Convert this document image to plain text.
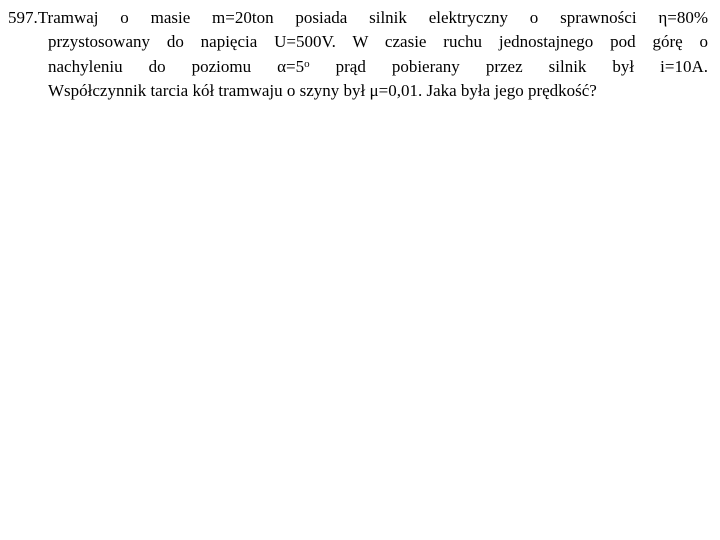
597.Tramwaj o masie m=20ton posiada silnik elektryczny o sprawności η=80%
przystosowany do napięcia U=500V. W czasie ruchu jednostajnego pod górę o
nachyleniu do poziomu $\alpha=5^o$ prąd pobierany przez silnik był i=10A.
Współczynnik tarcia kół tramwaju o szyny był μ=0,01. Jaka była jego prędkość?
